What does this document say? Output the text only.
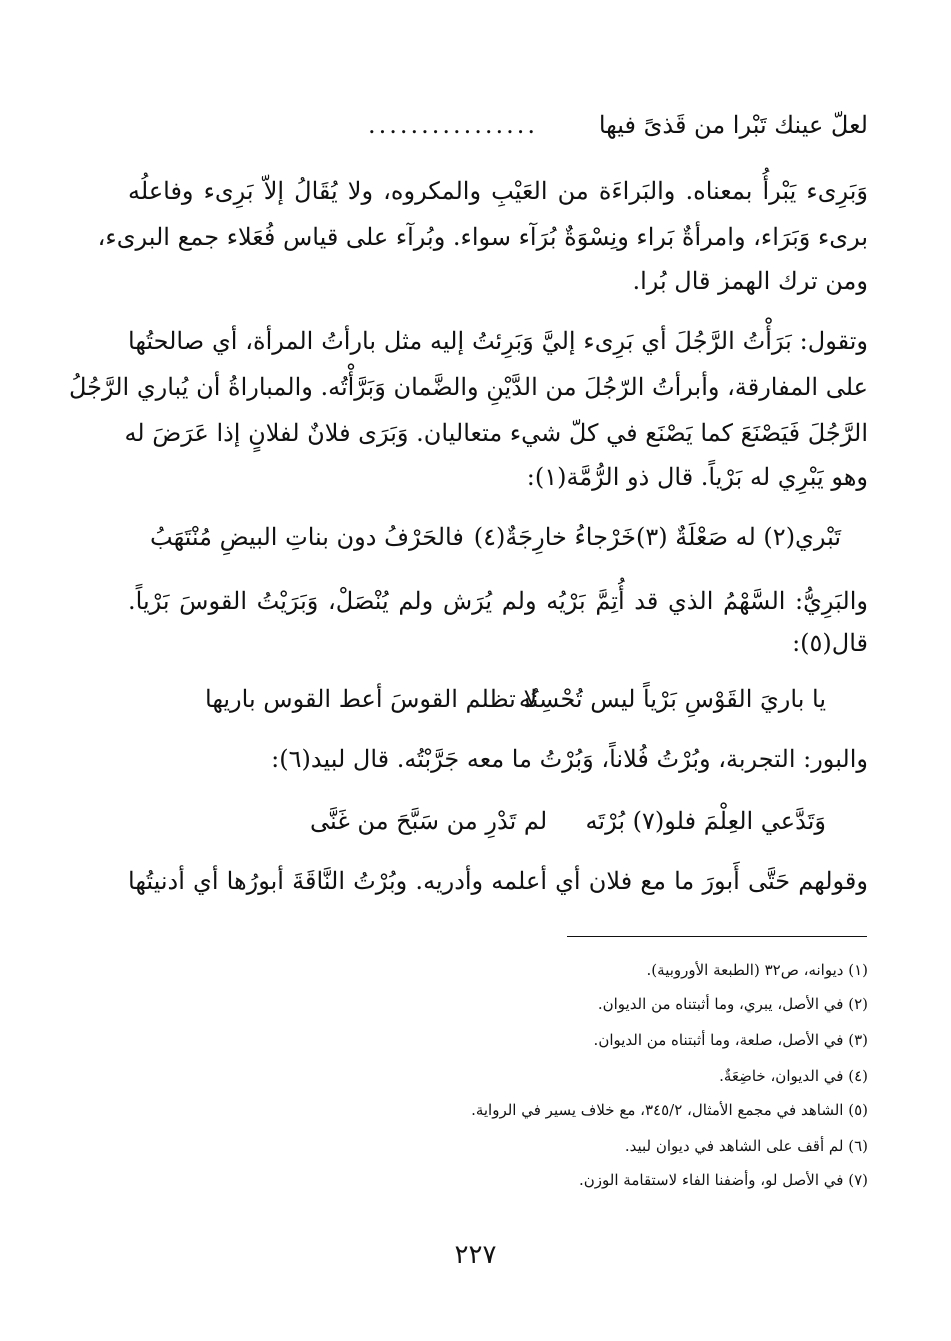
لعلّ عينك تَبْرا من قَذىً فيها
................
وَبَرِىء يَبْرأُ بمعناه. والبَراءَة من العَيْبِ والمكروه، ولا يُقَالُ إلاّ بَرِىء وفاعلُه
برىء وَبَرَاء، وامرأةٌ بَراء ونِسْوَةٌ بُرَآء سواء. وبُرآء على قياس فُعَلاء جمع البرىء،
ومن ترك الهمز قال بُرا.
وتقول: بَرَأْتُ الرَّجُلَ أي بَرِىء إليَّ وَبَرِئتُ إليه مثل بارأتُ المرأة، أي صالحتُها
على المفارقة، وأبرأتُ الرّجُلَ من الدَّيْنِ والضَّمان وَبَرَّأْتُه. والمباراةُ أن يُباري الرَّجُلُ
الرَّجُلَ فَيَصْنَعَ كما يَصْنَع في كلّ شيء متعاليان. وَبَرَى فلانٌ لفلانٍ إذا عَرَضَ له
وهو يَبْرِي له بَرْياً. قال ذو الرُّمَّة(١):
تَبْري(٢) له صَعْلَةٌ (٣)خَرْجاءُ خارِجَةٌ(٤)
فالحَرْفُ دون بناتِ البيضِ مُنْتَهَبُ
والبَرِيُّ: السَّهْمُ الذي قد أُتِمَّ بَرْيُه ولم يُرَش ولم يُنْصَلْ، وَبَرَيْتُ القوسَ بَرْياً.
قال(٥):
يا باريَ القَوْسِ بَرْياً ليس تُحْسِنُه
لا تظلم القوسَ أعط القوس باريها
والبور: التجربة، وبُرْتُ فُلاناً، وَبُرْتُ ما معه جَرَّبْتُه. قال لبيد(٦):
وَتَدَّعي العِلْمَ فلو(٧) بُرْتَه
لم تَدْرِ من سَبَّحَ من غَنَّى
وقولهم حَتَّى أَبورَ ما مع فلان أي أعلمه وأدريه. وبُرْتُ النَّاقَةَ أبورُها أي أدنيتُها
(١) ديوانه، ص٣٢ (الطبعة الأوروبية).
(٢) في الأصل، يبري، وما أثبتناه من الديوان.
(٣) في الأصل، صلعة، وما أثبتناه من الديوان.
(٤) في الديوان، خاضِعَةٌ.
(٥) الشاهد في مجمع الأمثال، ٣٤٥/٢، مع خلاف يسير في الرواية.
(٦) لم أقف على الشاهد في ديوان لبيد.
(٧) في الأصل لو، وأضفنا الفاء لاستقامة الوزن.
٢٢٧
